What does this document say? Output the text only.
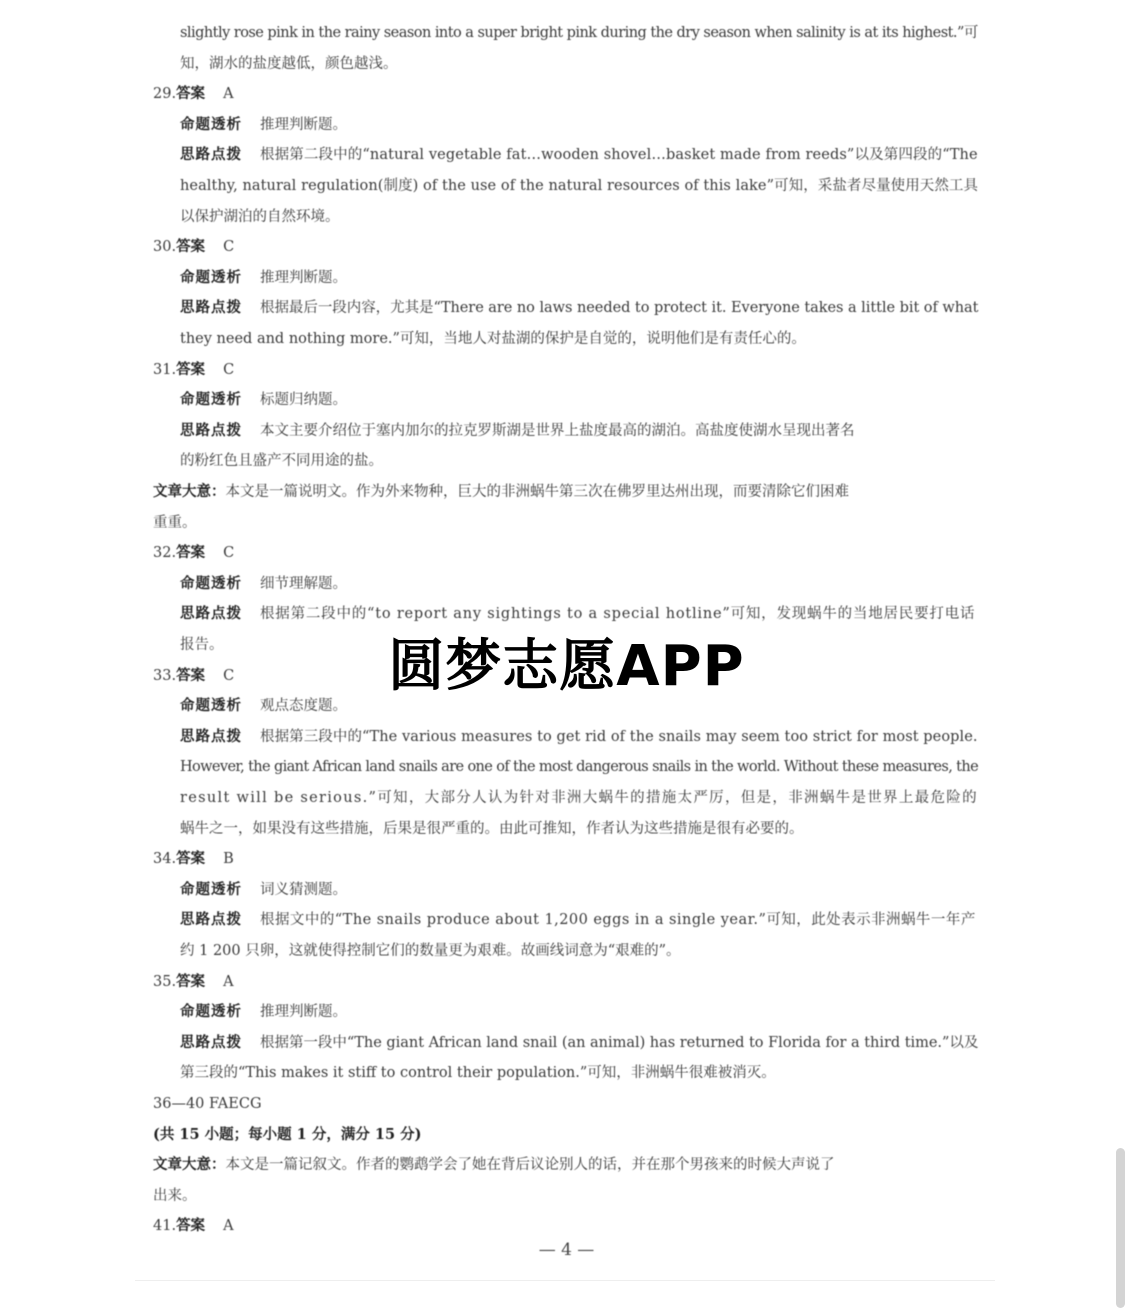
slightly rose pink in the rainy season into a super bright pink during the dry season when salinity is at its highest.”可
知，湖水的盐度越低，颜色越浅。
29.答案 A
命题透析 推理判断题。
思路点拨 根据第二段中的“natural vegetable fat…wooden shovel…basket made from reeds”以及第四段的“The
healthy, natural regulation(制度) of the use of the natural resources of this lake”可知，采盐者尽量使用天然工具
以保护湖泊的自然环境。
30.答案 C
命题透析 推理判断题。
思路点拨 根据最后一段内容，尤其是“There are no laws needed to protect it. Everyone takes a little bit of what
they need and nothing more.”可知，当地人对盐湖的保护是自觉的，说明他们是有责任心的。
31.答案 C
命题透析 标题归纳题。
思路点拨 本文主要介绍位于塞内加尔的拉克罗斯湖是世界上盐度最高的湖泊。高盐度使湖水呈现出著名
的粉红色且盛产不同用途的盐。
文章大意：本文是一篇说明文。作为外来物种，巨大的非洲蜗牛第三次在佛罗里达州出现，而要清除它们困难
重重。
32.答案 C
命题透析 细节理解题。
思路点拨 根据第二段中的“to report any sightings to a special hotline”可知，发现蜗牛的当地居民要打电话
报告。
33.答案 C
命题透析 观点态度题。
思路点拨 根据第三段中的“The various measures to get rid of the snails may seem too strict for most people.
However, the giant African land snails are one of the most dangerous snails in the world. Without these measures, the
result will be serious.”可知，大部分人认为针对非洲大蜗牛的措施太严厉，但是，非洲蜗牛是世界上最危险的
蜗牛之一，如果没有这些措施，后果是很严重的。由此可推知，作者认为这些措施是很有必要的。
34.答案 B
命题透析 词义猜测题。
思路点拨 根据文中的“The snails produce about 1,200 eggs in a single year.”可知，此处表示非洲蜗牛一年产
约 1 200 只卵，这就使得控制它们的数量更为艰难。故画线词意为“艰难的”。
35.答案 A
命题透析 推理判断题。
思路点拨 根据第一段中“The giant African land snail (an animal) has returned to Florida for a third time.”以及
第三段的“This makes it stiff to control their population.”可知，非洲蜗牛很难被消灭。
36—40 FAECG
(共 15 小题；每小题 1 分，满分 15 分)
文章大意：本文是一篇记叙文。作者的鹦鹉学会了她在背后议论别人的话，并在那个男孩来的时候大声说了
出来。
41.答案 A
圆梦志愿APP
— 4 —
